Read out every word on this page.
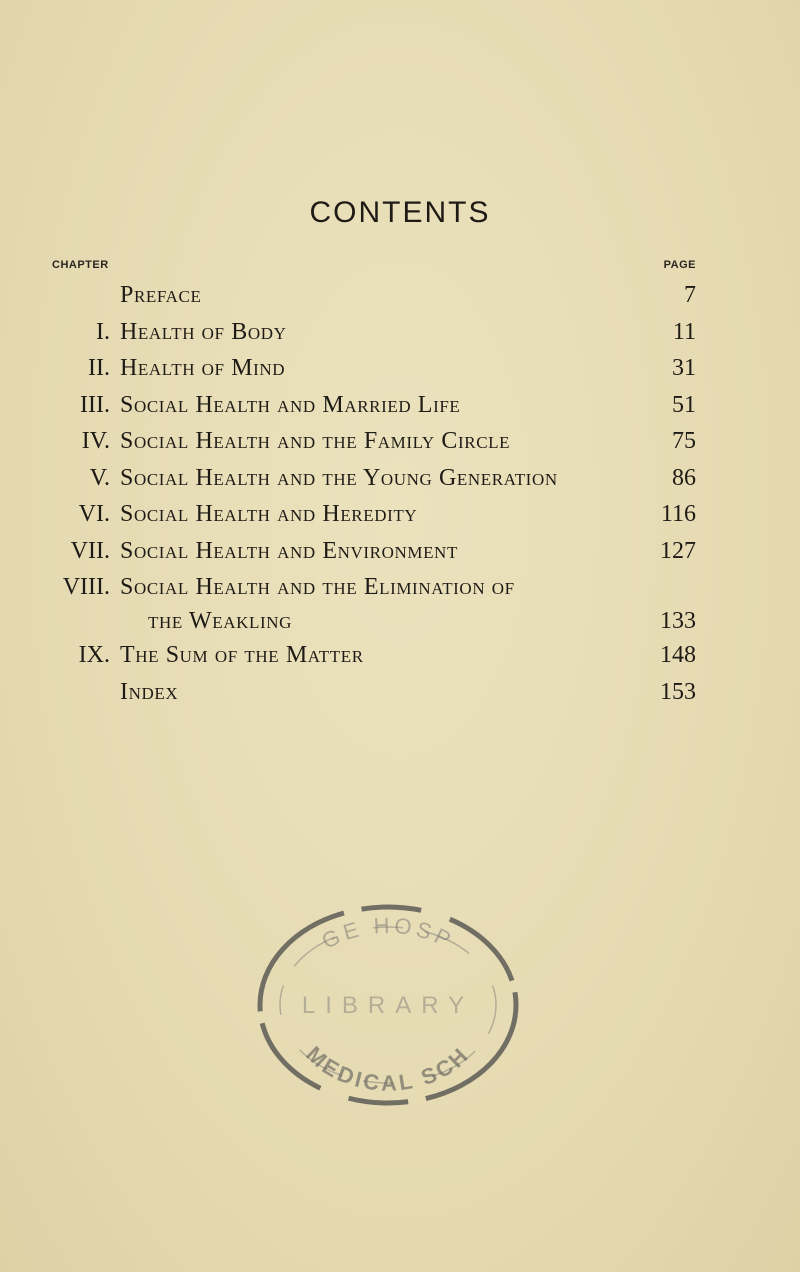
CONTENTS
CHAPTER	PAGE
Preface	7
I. Health of Body	11
II. Health of Mind	31
III. Social Health and Married Life	51
IV. Social Health and the Family Circle	75
V. Social Health and the Young Generation	86
VI. Social Health and Heredity	116
VII. Social Health and Environment	127
VIII. Social Health and the Elimination of
the Weakling	133
IX. The Sum of the Matter	148
Index	153
GE HOSP
LIBRARY
MEDICAL SCH
